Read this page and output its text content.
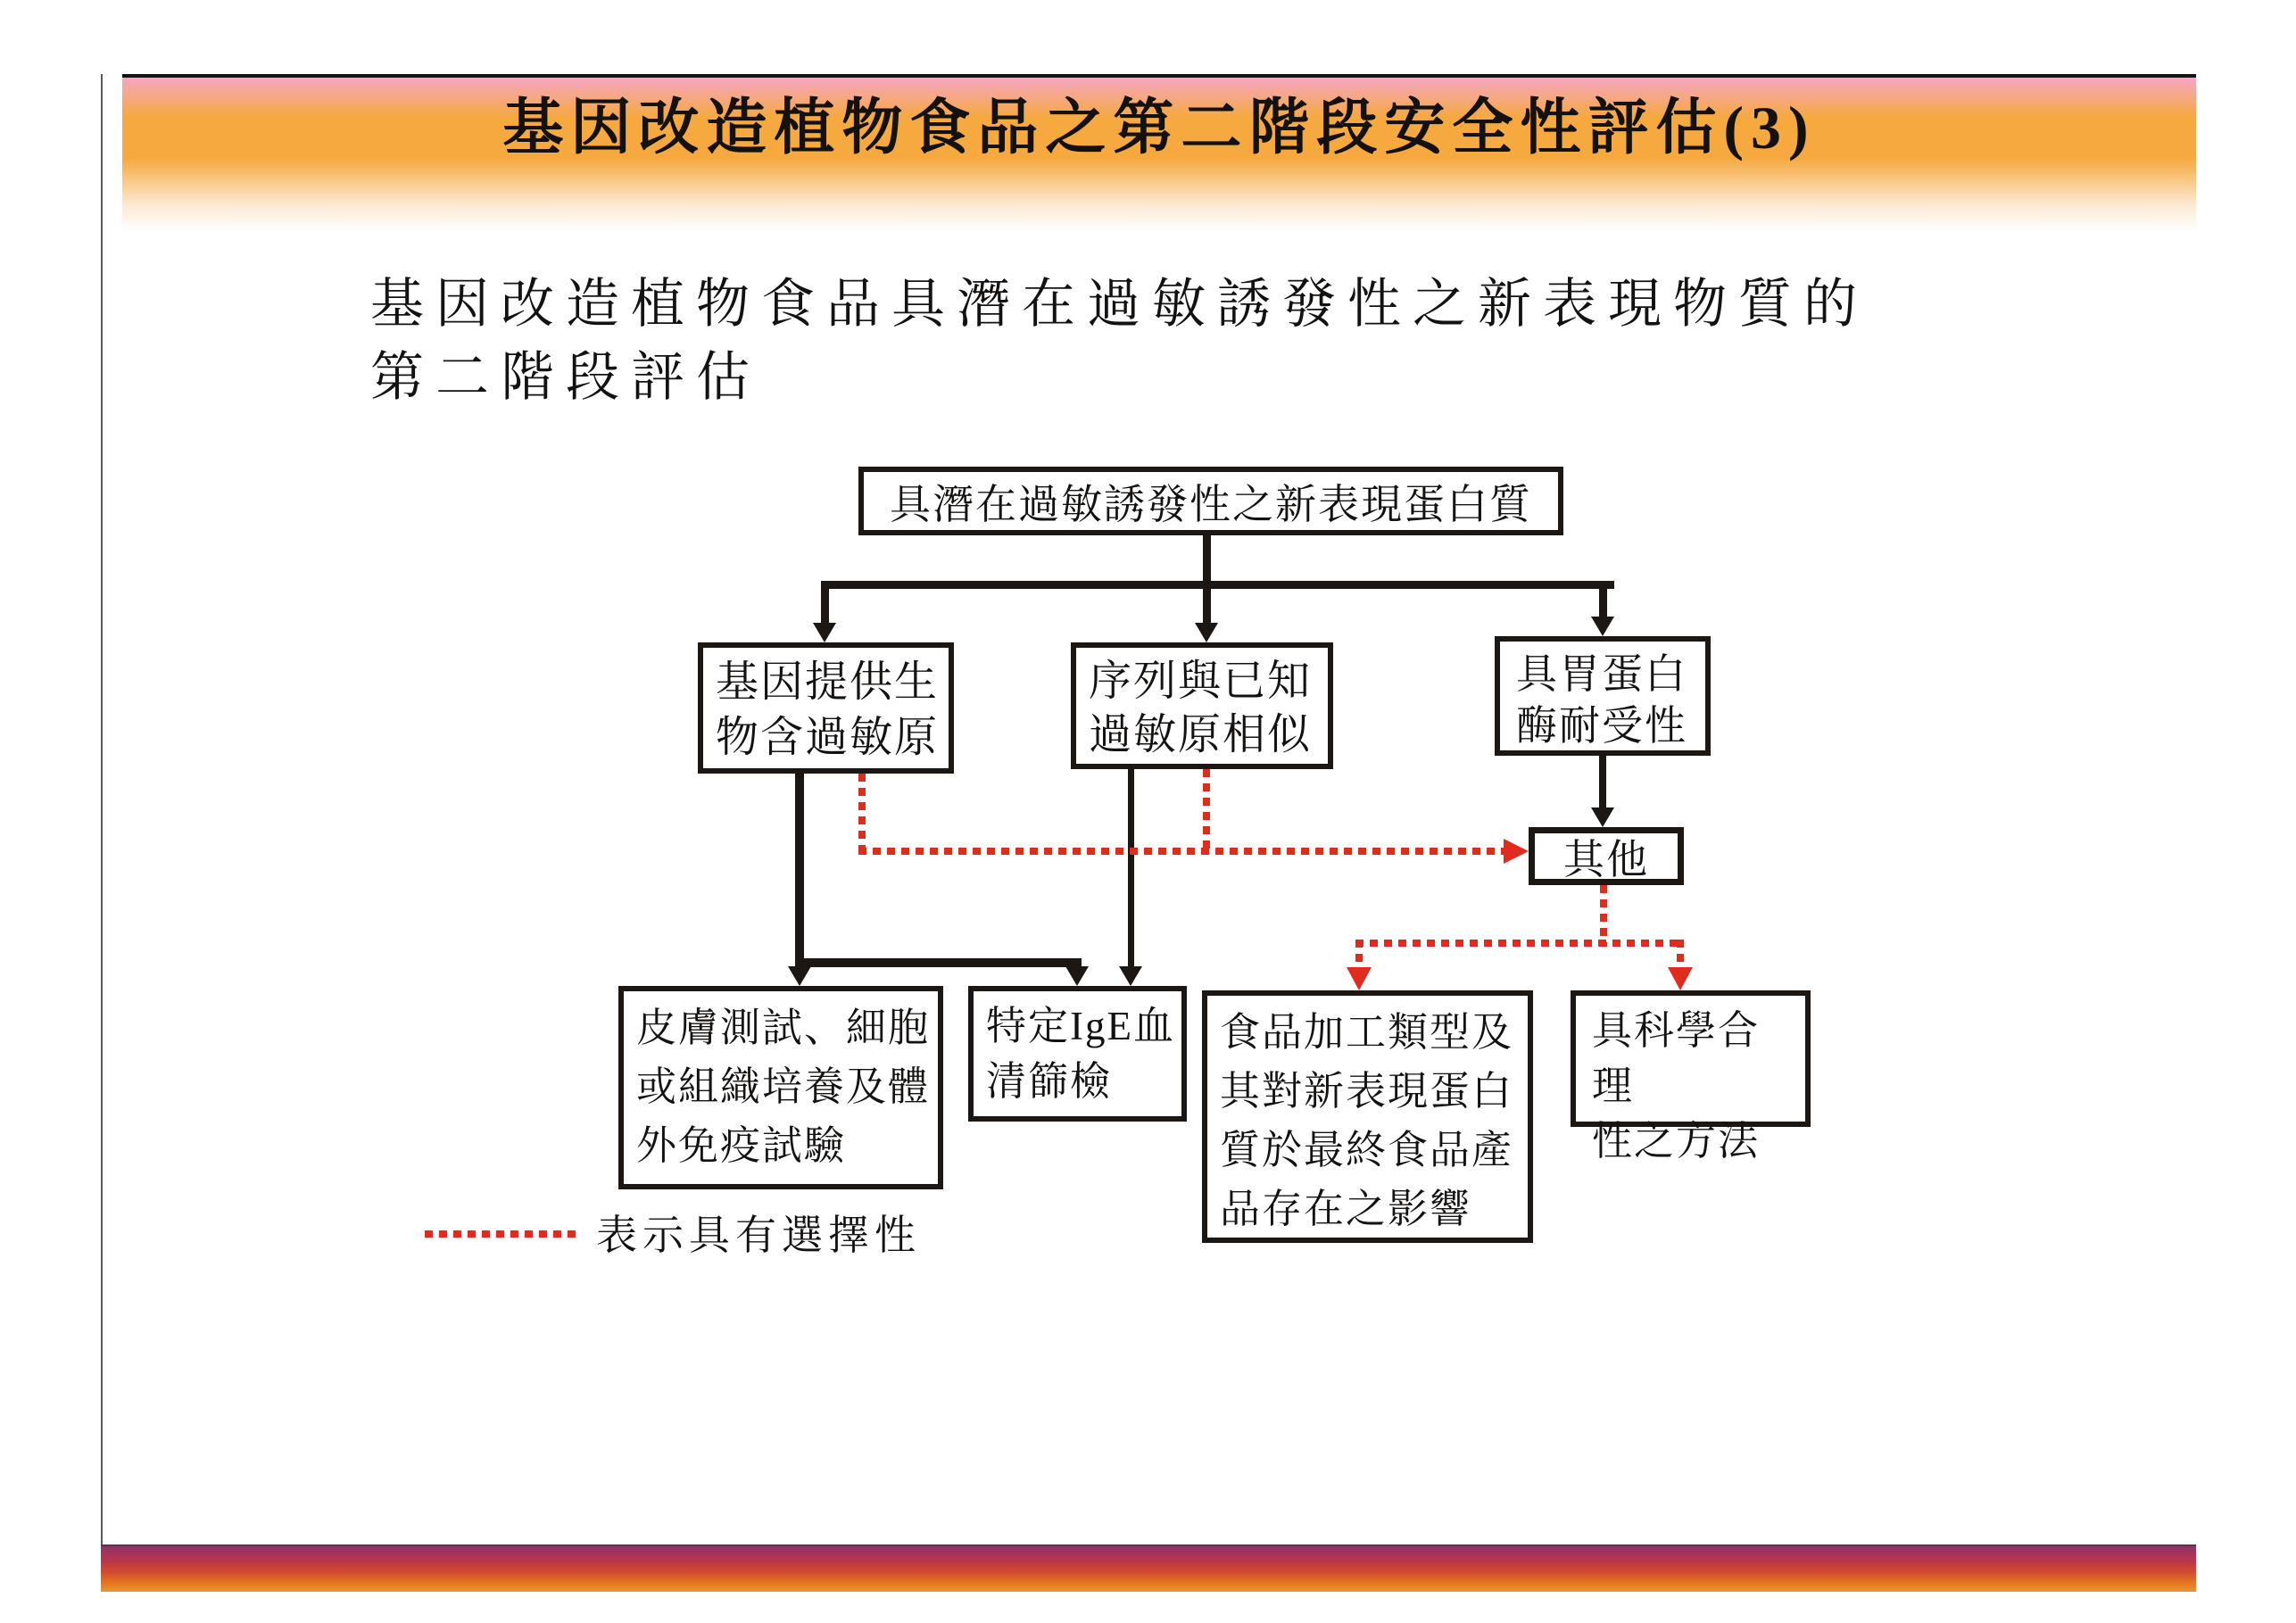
基因改造植物食品之第二階段安全性評估(3)
基因改造植物食品具潛在過敏誘發性之新表現物質的
第二階段評估
具潛在過敏誘發性之新表現蛋白質
基因提供生
物含過敏原
序列與已知
過敏原相似
具胃蛋白
酶耐受性
其他
皮膚測試、細胞
或組織培養及體
外免疫試驗
特定IgE血
清篩檢
食品加工類型及
其對新表現蛋白
質於最終食品產
品存在之影響
具科學合理
性之方法
表示具有選擇性
